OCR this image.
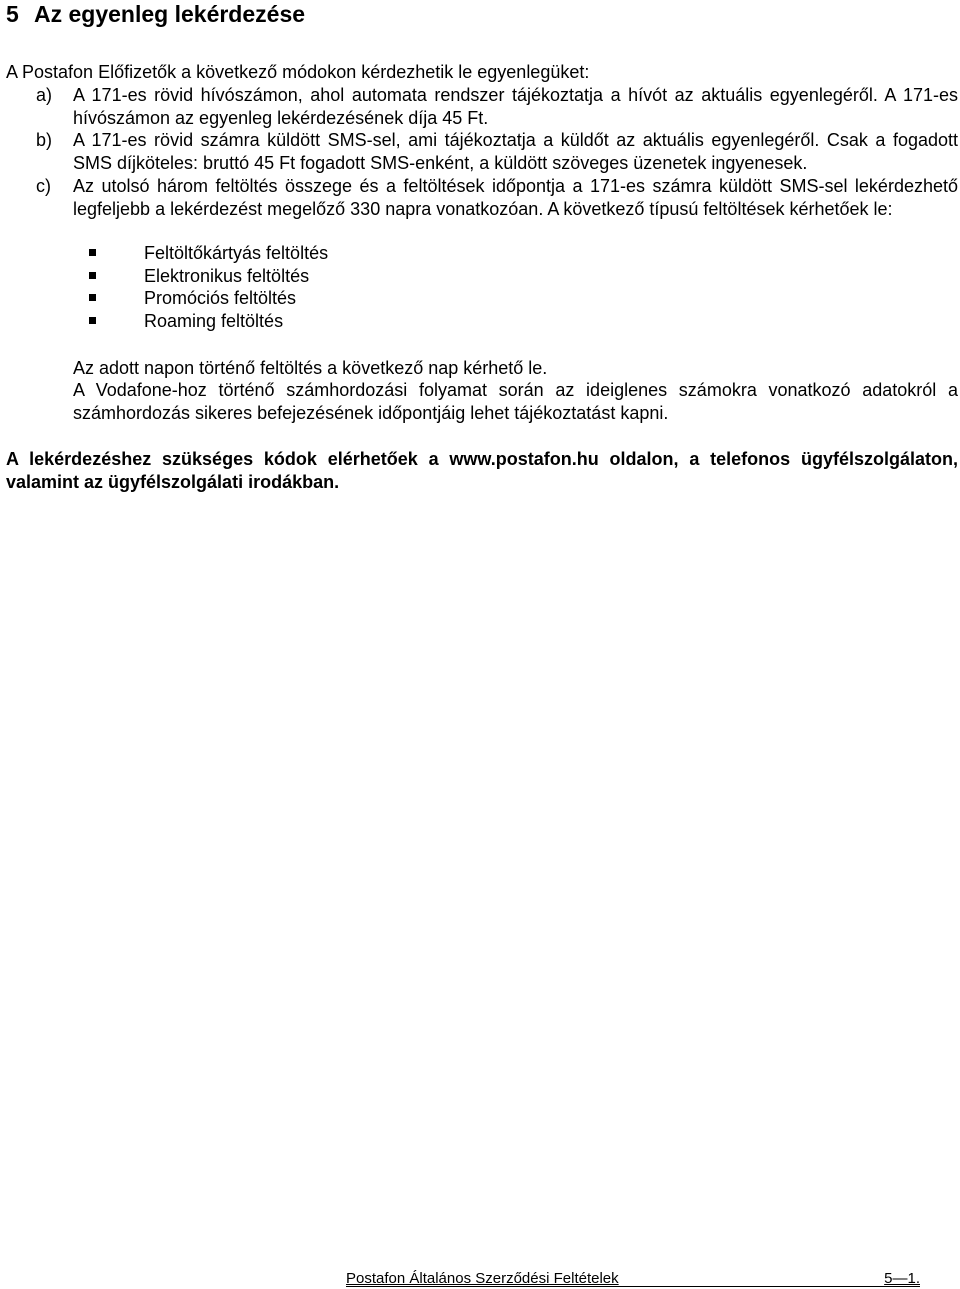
5 Az egyenleg lekérdezése
A Postafon Előfizetők a következő módokon kérdezhetik le egyenlegüket:
a) A 171-es rövid hívószámon, ahol automata rendszer tájékoztatja a hívót az aktuális egyenlegéről. A 171-es hívószámon az egyenleg lekérdezésének díja 45 Ft.
b) A 171-es rövid számra küldött SMS-sel, ami tájékoztatja a küldőt az aktuális egyenlegéről. Csak a fogadott SMS díjköteles: bruttó 45 Ft fogadott SMS-enként, a küldött szöveges üzenetek ingyenesek.
c) Az utolsó három feltöltés összege és a feltöltések időpontja a 171-es számra küldött SMS-sel lekérdezhető legfeljebb a lekérdezést megelőző 330 napra vonatkozóan. A következő típusú feltöltések kérhetőek le:
Feltöltőkártyás feltöltés
Elektronikus feltöltés
Promóciós feltöltés
Roaming feltöltés
Az adott napon történő feltöltés a következő nap kérhető le.
A Vodafone-hoz történő számhordozási folyamat során az ideiglenes számokra vonatkozó adatokról a számhordozás sikeres befejezésének időpontjáig lehet tájékoztatást kapni.
A lekérdezéshez szükséges kódok elérhetőek a www.postafon.hu oldalon, a telefonos ügyfélszolgálaton, valamint az ügyfélszolgálati irodákban.
Postafon Általános Szerződési Feltételek	5—1.
